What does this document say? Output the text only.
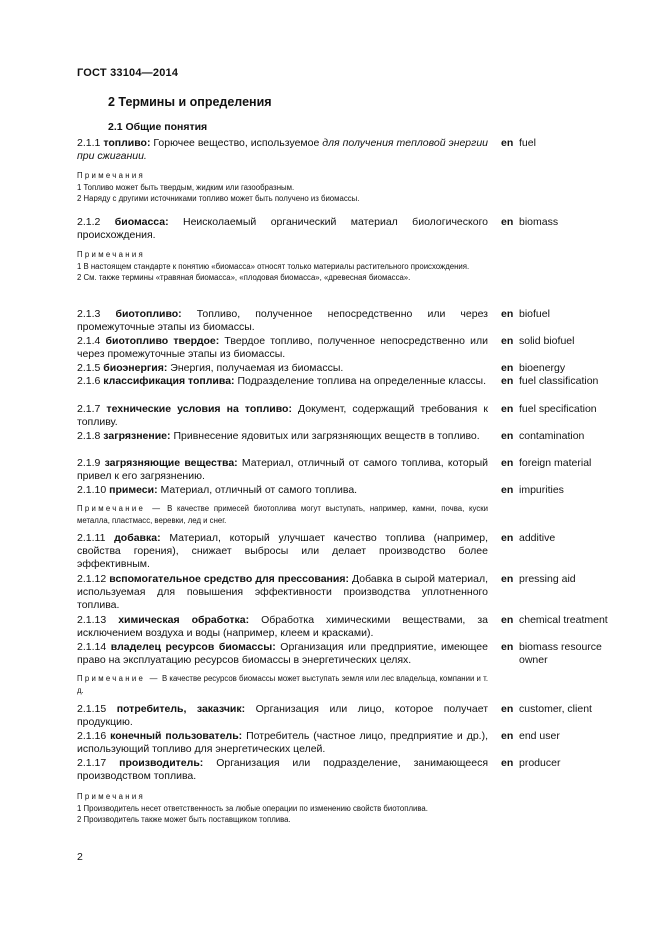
ГОСТ 33104—2014
2 Термины и определения
2.1 Общие понятия
2.1.1 топливо: Горючее вещество, используемое для получения тепловой энергии при сжигании.
en fuel
Примечания
1 Топливо может быть твердым, жидким или газообразным.
2 Наряду с другими источниками топливо может быть получено из биомассы.
2.1.2 биомасса: Неисколаемый органический материал биологического происхождения.
en biomass
Примечания
1 В настоящем стандарте к понятию «биомасса» относят только материалы растительного происхождения.
2 См. также термины «травяная биомасса», «плодовая биомасса», «древесная биомасса».
2.1.3 биотопливо: Топливо, полученное непосредственно или через промежуточные этапы из биомассы.
en biofuel
2.1.4 биотопливо твердое: Твердое топливо, полученное непосредственно или через промежуточные этапы из биомассы.
en solid biofuel
2.1.5 биоэнергия: Энергия, получаемая из биомассы.	en bioenergy
2.1.6 классификация топлива: Подразделение топлива на определенные классы. en fuel classification
2.1.7 технические условия на топливо: Документ, содержащий требования к топливу.
en fuel specification
2.1.8 загрязнение: Привнесение ядовитых или загрязняющих веществ в топливо.	en contamination
2.1.9 загрязняющие вещества: Материал, отличный от самого топлива, который привел к его загрязнению.
en foreign material
2.1.10 примеси: Материал, отличный от самого топлива.	en impurities
Примечание — В качестве примесей биотоплива могут выступать, например, камни, почва, куски металла, пластмасс, веревки, лед и снег.
2.1.11 добавка: Материал, который улучшает качество топлива (например, свойства горения), снижает выбросы или делает производство более эффективным.
en additive
2.1.12 вспомогательное средство для прессования: Добавка в сырой материал, используемая для повышения эффективности производства уплотненного топлива.
en pressing aid
2.1.13 химическая обработка: Обработка химическими веществами, за исключением воздуха и воды (например, клеем и красками).
en chemical treatment
2.1.14 владелец ресурсов биомассы: Организация или предприятие, имеющее право на эксплуатацию ресурсов биомассы в энергетических целях.
en biomass resource
owner
Примечание — В качестве ресурсов биомассы может выступать земля или лес владельца, компании и т. д.
2.1.15 потребитель, заказчик: Организация или лицо, которое получает продукцию.
en customer, client
2.1.16 конечный пользователь: Потребитель (частное лицо, предприятие и др.), использующий топливо для энергетических целей.
en end user
2.1.17 производитель: Организация или подразделение, занимающееся производством топлива.
en producer
Примечания
1 Производитель несет ответственность за любые операции по изменению свойств биотоплива.
2 Производитель также может быть поставщиком топлива.
2
